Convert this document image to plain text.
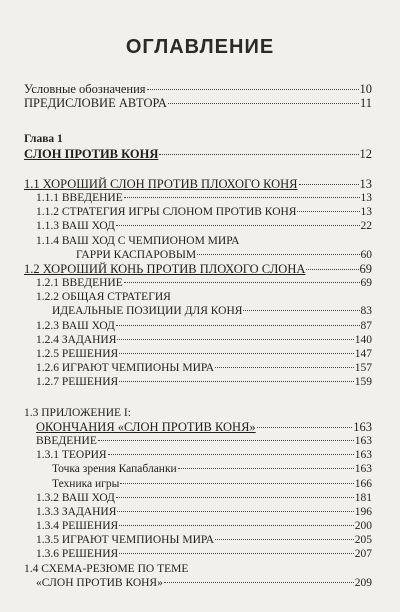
ОГЛАВЛЕНИЕ
Условные обозначения	10
ПРЕДИСЛОВИЕ АВТОРА	11
Глава 1
СЛОН ПРОТИВ КОНЯ	12
1.1 ХОРОШИЙ СЛОН ПРОТИВ ПЛОХОГО КОНЯ	13
1.1.1 ВВЕДЕНИЕ	13
1.1.2 СТРАТЕГИЯ ИГРЫ СЛОНОМ ПРОТИВ КОНЯ	13
1.1.3 ВАШ ХОД	22
1.1.4 ВАШ ХОД С ЧЕМПИОНОМ МИРА
ГАРРИ КАСПАРОВЫМ	60
1.2 ХОРОШИЙ КОНЬ ПРОТИВ ПЛОХОГО СЛОНА	69
1.2.1 ВВЕДЕНИЕ	69
1.2.2 ОБЩАЯ СТРАТЕГИЯ
ИДЕАЛЬНЫЕ ПОЗИЦИИ ДЛЯ КОНЯ	83
1.2.3 ВАШ ХОД	87
1.2.4 ЗАДАНИЯ	140
1.2.5 РЕШЕНИЯ	147
1.2.6 ИГРАЮТ ЧЕМПИОНЫ МИРА	157
1.2.7 РЕШЕНИЯ	159
1.3 ПРИЛОЖЕНИЕ I:
ОКОНЧАНИЯ «СЛОН ПРОТИВ КОНЯ»	163
ВВЕДЕНИЕ	163
1.3.1 ТЕОРИЯ	163
Точка зрения Капабланки	163
Техника игры	166
1.3.2 ВАШ ХОД	181
1.3.3 ЗАДАНИЯ	196
1.3.4 РЕШЕНИЯ	200
1.3.5 ИГРАЮТ ЧЕМПИОНЫ МИРА	205
1.3.6 РЕШЕНИЯ	207
1.4 СХЕМА-РЕЗЮМЕ ПО ТЕМЕ
«СЛОН ПРОТИВ КОНЯ»	209
